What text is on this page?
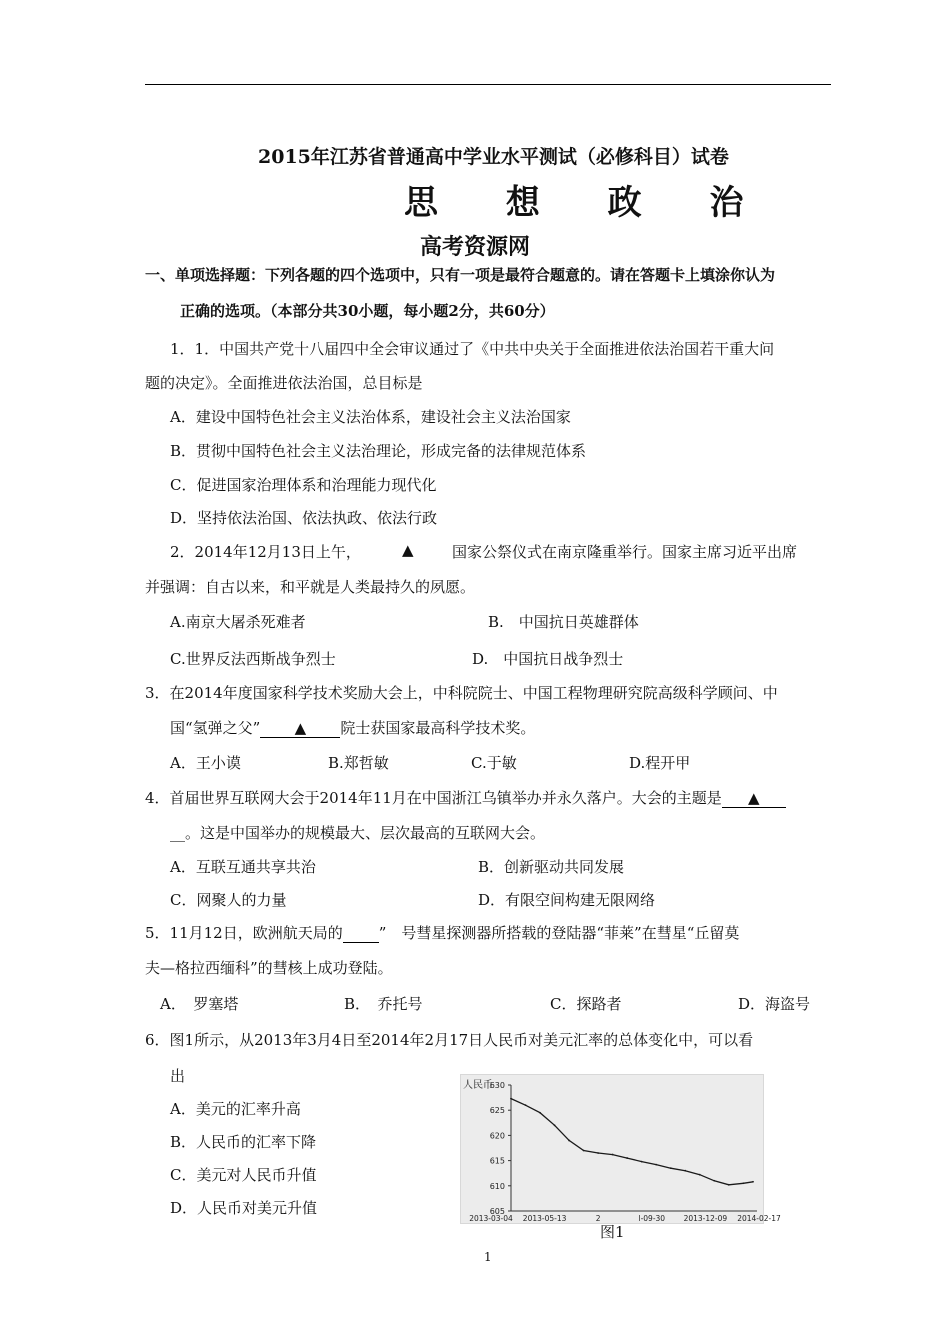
2015年江苏省普通高中学业水平测试（必修科目）试卷
思 想 政 治
高考资源网
一、单项选择题：下列各题的四个选项中，只有一项是最符合题意的。请在答题卡上填涂你认为
正确的选项。（本部分共30小题，每小题2分，共60分）
1．1．中国共产党十八届四中全会审议通过了《中共中央关于全面推进依法治国若干重大问
题的决定》。全面推进依法治国，总目标是
A．建设中国特色社会主义法治体系，建设社会主义法治国家
B．贯彻中国特色社会主义法治理论，形成完备的法律规范体系
C．促进国家治理体系和治理能力现代化
D．坚持依法治国、依法执政、依法行政
2．2014年12月13日上午，	▲	国家公祭仪式在南京隆重举行。国家主席习近平出席
并强调：自古以来，和平就是人类最持久的夙愿。
A.南京大屠杀死难者	B.　中国抗日英雄群体
C.世界反法西斯战争烈士	D.　中国抗日战争烈士
3．在2014年度国家科学技术奖励大会上，中科院院士、中国工程物理研究院高级科学顾问、中
国“氢弹之父” ▲ 院士获国家最高科学技术奖。
A．王小谟	B.郑哲敏	C.于敏	D.程开甲
4．首届世界互联网大会于2014年11月在中国浙江乌镇举办并永久落户。大会的主题是 ▲
__。这是中国举办的规模最大、层次最高的互联网大会。
A．互联互通共享共治	B．创新驱动共同发展
C．网聚人的力量	D．有限空间构建无限网络
5．11月12日，欧洲航天局的 ”　号彗星探测器所搭载的登陆器“菲莱”在彗星“丘留莫
夫—格拉西缅科”的彗核上成功登陆。
A．　罗塞塔	B．　乔托号	C．探路者	D．海盗号
6．图1所示，从2013年3月4日至2014年2月17日人民币对美元汇率的总体变化中，可以看
出
A．美元的汇率升高
B．人民币的汇率下降
C．美元对人民币升值
D．人民币对美元升值
人民币
630
625
620
615
610
605
2013-03-04 2013-05-13	2	l-09-30 2013-12-09 2014-02-17
图1
1
